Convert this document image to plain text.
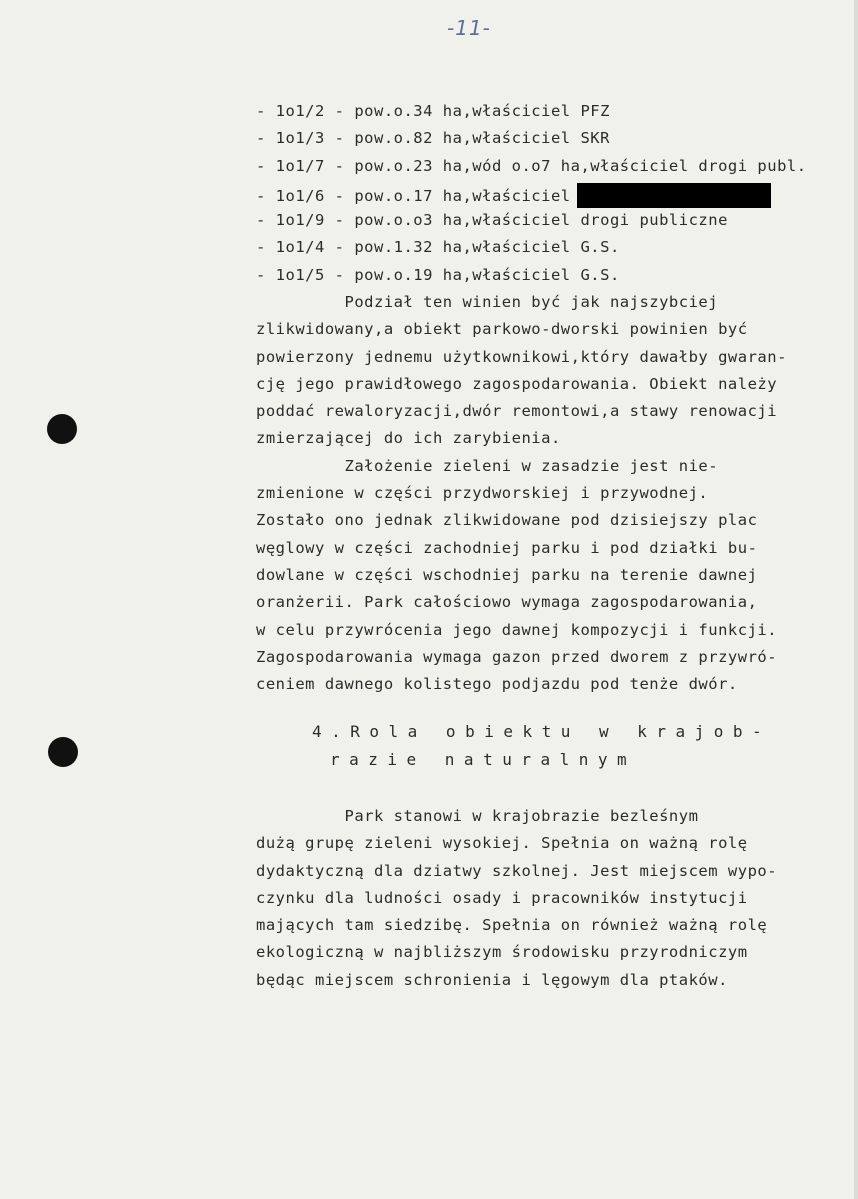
-11-
- 1o1/2 - pow.o.34 ha,właściciel PFZ
- 1o1/3 - pow.o.82 ha,właściciel SKR
- 1o1/7 - pow.o.23 ha,wód o.o7 ha,właściciel drogi publ.
- 1o1/6 - pow.o.17 ha,właściciel
- 1o1/9 - pow.o.o3 ha,właściciel drogi publiczne
- 1o1/4 - pow.1.32 ha,właściciel G.S.
- 1o1/5 - pow.o.19 ha,właściciel G.S.
Podział ten winien być jak najszybciej
zlikwidowany,a obiekt parkowo-dworski powinien być
powierzony jednemu użytkownikowi,który dawałby gwaran-
cję jego prawidłowego zagospodarowania. Obiekt należy
poddać rewaloryzacji,dwór remontowi,a stawy renowacji
zmierzającej do ich zarybienia.
Założenie zieleni w zasadzie jest nie-
zmienione w części przydworskiej i przywodnej.
Zostało ono jednak zlikwidowane pod dzisiejszy plac
węglowy w części zachodniej parku i pod działki bu-
dowlane w części wschodniej parku na terenie dawnej
oranżerii. Park całościowo wymaga zagospodarowania,
w celu przywrócenia jego dawnej kompozycji i funkcji.
Zagospodarowania wymaga gazon przed dworem z przywró-
ceniem dawnego kolistego podjazdu pod tenże dwór.
4.Rola obiektu w krajob-
razie naturalnym
Park stanowi w krajobrazie bezleśnym
dużą grupę zieleni wysokiej. Spełnia on ważną rolę
dydaktyczną dla dziatwy szkolnej. Jest miejscem wypo-
czynku dla ludności osady i pracowników instytucji
mających tam siedzibę. Spełnia on również ważną rolę
ekologiczną w najbliższym środowisku przyrodniczym
będąc miejscem schronienia i lęgowym dla ptaków.
